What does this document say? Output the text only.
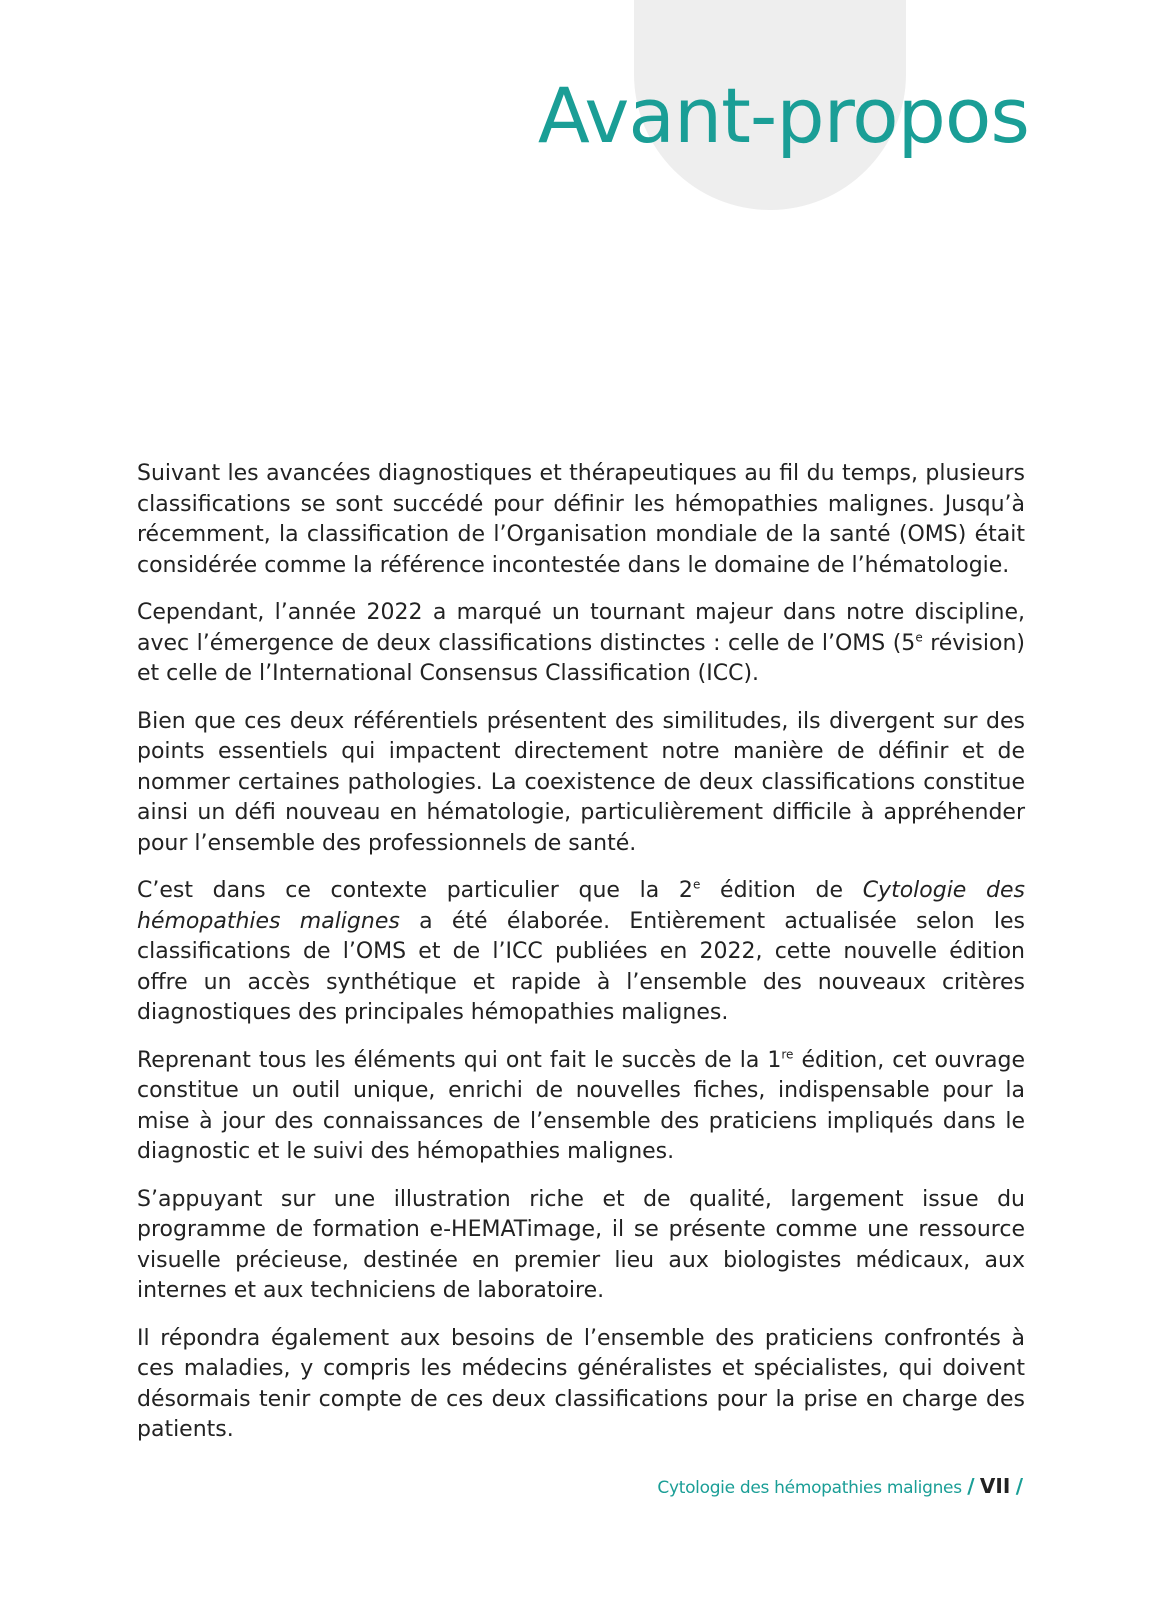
Avant-propos

Suivant les avancées diagnostiques et thérapeutiques au fil du temps, plusieurs classifications se sont succédé pour définir les hémopathies malignes. Jusqu’à récemment, la classification de l’Organisation mondiale de la santé (OMS) était considérée comme la référence incontestée dans le domaine de l’hématologie.

Cependant, l’année 2022 a marqué un tournant majeur dans notre discipline, avec l’émergence de deux classifications distinctes : celle de l’OMS (5e révision) et celle de l’International Consensus Classification (ICC).

Bien que ces deux référentiels présentent des similitudes, ils divergent sur des points essentiels qui impactent directement notre manière de définir et de nommer certaines pathologies. La coexistence de deux classifications constitue ainsi un défi nouveau en hématologie, particulièrement difficile à appréhender pour l’ensemble des professionnels de santé.

C’est dans ce contexte particulier que la 2e édition de Cytologie des hémopathies malignes a été élaborée. Entièrement actualisée selon les classifications de l’OMS et de l’ICC publiées en 2022, cette nouvelle édition offre un accès synthétique et rapide à l’ensemble des nouveaux critères diagnostiques des principales hémopathies malignes.

Reprenant tous les éléments qui ont fait le succès de la 1re édition, cet ouvrage constitue un outil unique, enrichi de nouvelles fiches, indispensable pour la mise à jour des connaissances de l’ensemble des praticiens impliqués dans le diagnostic et le suivi des hémopathies malignes.

S’appuyant sur une illustration riche et de qualité, largement issue du programme de formation e-HEMATimage, il se présente comme une ressource visuelle précieuse, destinée en premier lieu aux biologistes médicaux, aux internes et aux techniciens de laboratoire.

Il répondra également aux besoins de l’ensemble des praticiens confrontés à ces maladies, y compris les médecins généralistes et spécialistes, qui doivent désormais tenir compte de ces deux classifications pour la prise en charge des patients.

Cytologie des hémopathies malignes / VII /
